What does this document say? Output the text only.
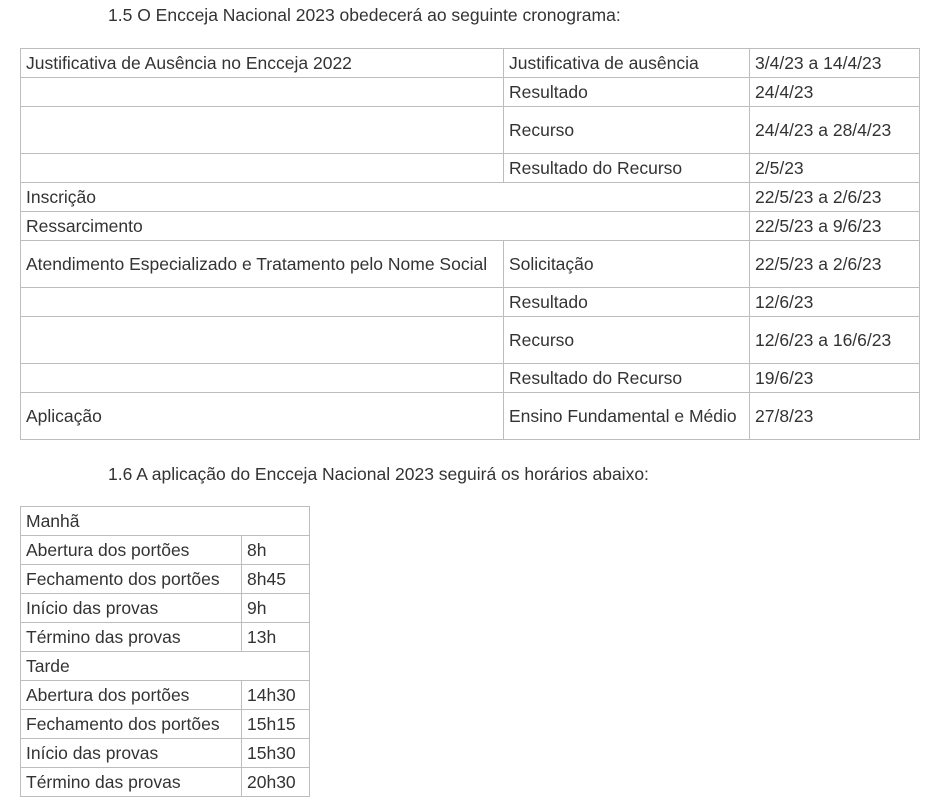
1.5 O Encceja Nacional 2023 obedecerá ao seguinte cronograma:
Justificativa de Ausência no Encceja 2022	Justificativa de ausência	3/4/23 a 14/4/23
	Resultado	24/4/23
	Recurso	24/4/23 a 28/4/23
	Resultado do Recurso	2/5/23
Inscrição		22/5/23 a 2/6/23
Ressarcimento		22/5/23 a 9/6/23
Atendimento Especializado e Tratamento pelo Nome Social	Solicitação	22/5/23 a 2/6/23
	Resultado	12/6/23
	Recurso	12/6/23 a 16/6/23
	Resultado do Recurso	19/6/23
Aplicação	Ensino Fundamental e Médio	27/8/23
1.6 A aplicação do Encceja Nacional 2023 seguirá os horários abaixo:
Manhã	
Abertura dos portões	8h
Fechamento dos portões	8h45
Início das provas	9h
Término das provas	13h
Tarde	
Abertura dos portões	14h30
Fechamento dos portões	15h15
Início das provas	15h30
Término das provas	20h30
